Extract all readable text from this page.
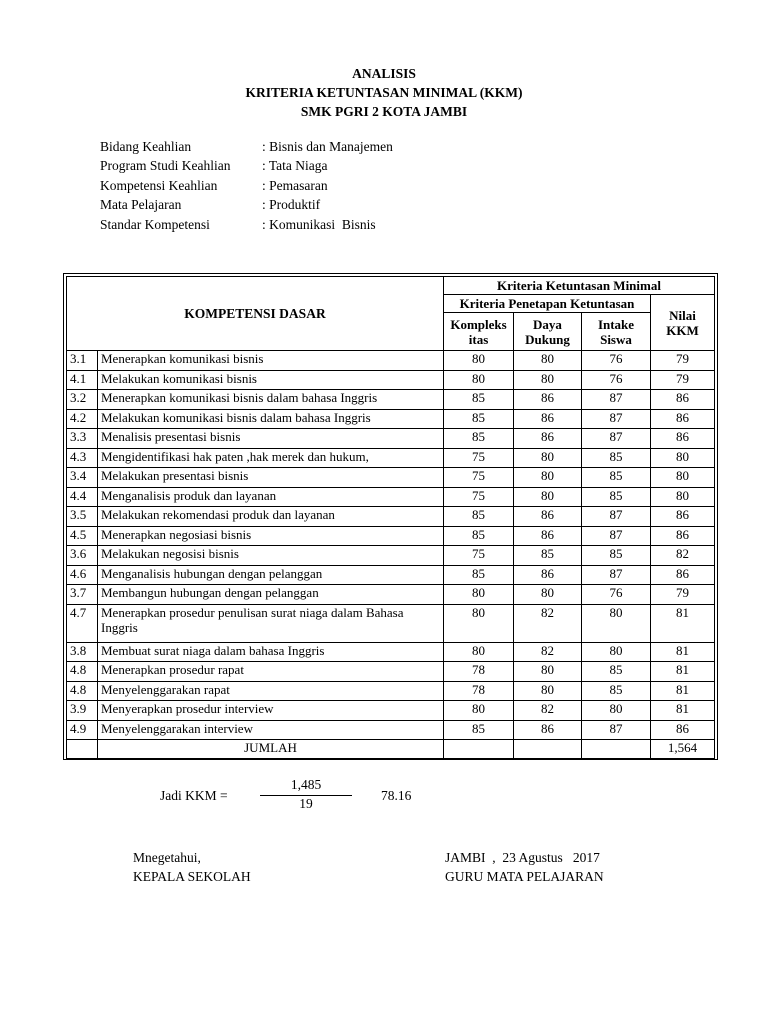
ANALISIS
KRITERIA KETUNTASAN MINIMAL (KKM)
SMK PGRI 2 KOTA JAMBI
Bidang Keahlian	: Bisnis dan Manajemen
Program Studi Keahlian	: Tata Niaga
Kompetensi Keahlian	: Pemasaran
Mata Pelajaran	: Produktif
Standar Kompetensi	: Komunikasi  Bisnis
KOMPETENSI DASAR		Kriteria Ketuntasan Minimal			
		Kriteria Penetapan Ketuntasan			Nilai KKM
		Kompleks itas	Daya Dukung	Intake Siswa	
3.1	Menerapkan komunikasi bisnis	80	80	76	79
4.1	Melakukan komunikasi bisnis	80	80	76	79
3.2	Menerapkan komunikasi bisnis dalam bahasa Inggris	85	86	87	86
4.2	Melakukan komunikasi bisnis dalam bahasa Inggris	85	86	87	86
3.3	Menalisis presentasi bisnis	85	86	87	86
4.3	Mengidentifikasi hak paten ,hak merek dan hukum,	75	80	85	80
3.4	Melakukan presentasi bisnis	75	80	85	80
4.4	Menganalisis produk dan layanan	75	80	85	80
3.5	Melakukan rekomendasi produk dan layanan	85	86	87	86
4.5	Menerapkan negosiasi bisnis	85	86	87	86
3.6	Melakukan negosisi bisnis	75	85	85	82
4.6	Menganalisis hubungan dengan pelanggan	85	86	87	86
3.7	Membangun hubungan dengan pelanggan	80	80	76	79
4.7	Menerapkan prosedur penulisan surat niaga dalam Bahasa Inggris	80	82	80	81
3.8	Membuat surat niaga dalam bahasa Inggris	80	82	80	81
4.8	Menerapkan prosedur rapat	78	80	85	81
4.8	Menyelenggarakan rapat	78	80	85	81
3.9	Menyerapkan prosedur interview	80	82	80	81
4.9	Menyelenggarakan interview	85	86	87	86
	JUMLAH				1,564
Jadi KKM =
1,485
19
78.16
Mnegetahui,
KEPALA SEKOLAH
JAMBI  ,  23 Agustus   2017
GURU MATA PELAJARAN
